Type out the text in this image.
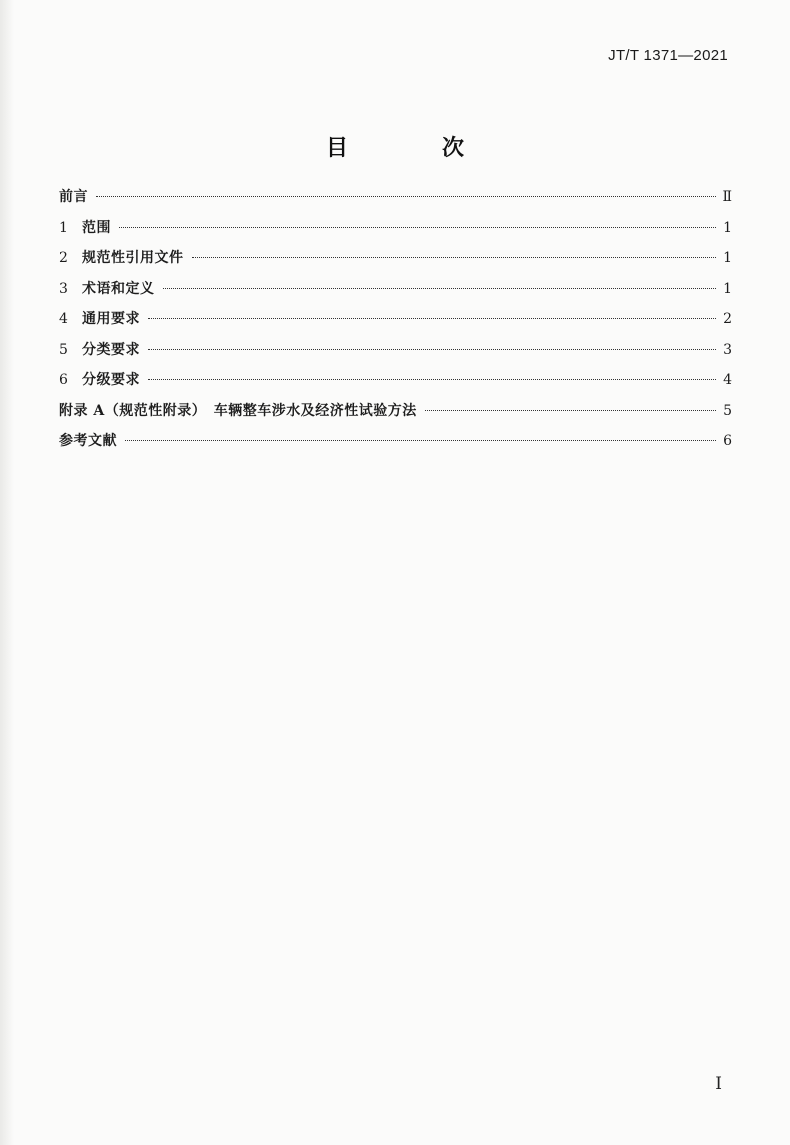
JT/T 1371—2021
目　次
前言	Ⅱ
1	范围	1
2	规范性引用文件	1
3	术语和定义	1
4	通用要求	2
5	分类要求	3
6	分级要求	4
附录 A（规范性附录）　车辆整车涉水及经济性试验方法	5
参考文献	6
I
